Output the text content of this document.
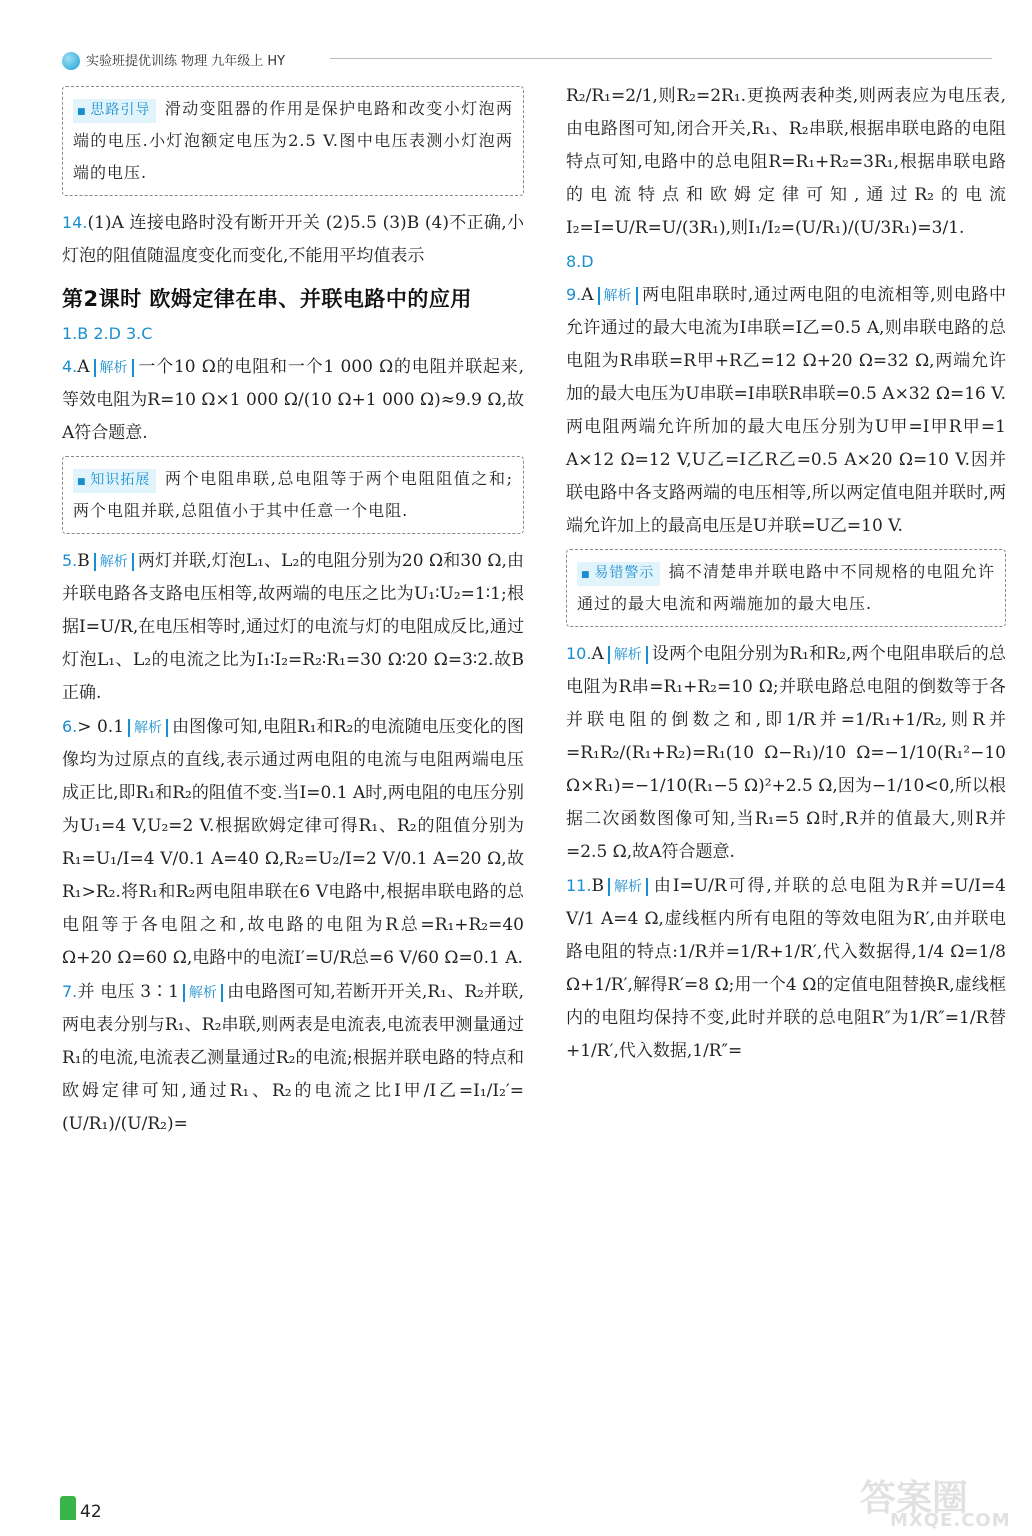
实验班提优训练 物理 九年级上 HY

■ 思路引导 滑动变阻器的作用是保护电路和改变小灯泡两端的电压.小灯泡额定电压为2.5 V.图中电压表测小灯泡两端的电压.

14.(1)A 连接电路时没有断开开关 (2)5.5 (3)B (4)不正确,小灯泡的阻值随温度变化而变化,不能用平均值表示

第2课时 欧姆定律在串、并联电路中的应用

1.B 2.D 3.C

4.A 解析 一个10 Ω的电阻和一个1 000 Ω的电阻并联起来,等效电阻为R=10 Ω×1 000 Ω/(10 Ω+1 000 Ω)≈9.9 Ω,故A符合题意.

■ 知识拓展 两个电阻串联,总电阻等于两个电阻阻值之和;两个电阻并联,总阻值小于其中任意一个电阻.

5.B 解析 两灯并联,灯泡L₁、L₂的电阻分别为20 Ω和30 Ω,由并联电路各支路电压相等,故两端的电压之比为U₁∶U₂=1∶1;根据I=U/R,在电压相等时,通过灯的电流与灯的电阻成反比,通过灯泡L₁、L₂的电流之比为I₁∶I₂=R₂∶R₁=30 Ω∶20 Ω=3∶2.故B正确.

6.> 0.1 解析 由图像可知,电阻R₁和R₂的电流随电压变化的图像均为过原点的直线,表示通过两电阻的电流与电阻两端电压成正比,即R₁和R₂的阻值不变.当I=0.1 A时,两电阻的电压分别为U₁=4 V,U₂=2 V.根据欧姆定律可得R₁、R₂的阻值分别为R₁=U₁/I=4 V/0.1 A=40 Ω,R₂=U₂/I=2 V/0.1 A=20 Ω,故R₁>R₂.将R₁和R₂两电阻串联在6 V电路中,根据串联电路的总电阻等于各电阻之和,故电路的电阻为R总=R₁+R₂=40 Ω+20 Ω=60 Ω,电路中的电流I′=U/R总=6 V/60 Ω=0.1 A.

7.并 电压 3∶1 解析 由电路图可知,若断开开关,R₁、R₂并联,两电表分别与R₁、R₂串联,则两表是电流表,电流表甲测量通过R₁的电流,电流表乙测量通过R₂的电流;根据并联电路的特点和欧姆定律可知,通过R₁、R₂的电流之比I甲/I乙=I₁/I₂′=(U/R₁)/(U/R₂)=

R₂/R₁=2/1,则R₂=2R₁.更换两表种类,则两表应为电压表,由电路图可知,闭合开关,R₁、R₂串联,根据串联电路的电阻特点可知,电路中的总电阻R=R₁+R₂=3R₁,根据串联电路的电流特点和欧姆定律可知,通过R₂的电流I₂=I=U/R=U/(3R₁),则I₁/I₂=(U/R₁)/(U/3R₁)=3/1.

8.D

9.A 解析 两电阻串联时,通过两电阻的电流相等,则电路中允许通过的最大电流为I串联=I乙=0.5 A,则串联电路的总电阻为R串联=R甲+R乙=12 Ω+20 Ω=32 Ω,两端允许加的最大电压为U串联=I串联R串联=0.5 A×32 Ω=16 V.两电阻两端允许所加的最大电压分别为U甲=I甲R甲=1 A×12 Ω=12 V,U乙=I乙R乙=0.5 A×20 Ω=10 V.因并联电路中各支路两端的电压相等,所以两定值电阻并联时,两端允许加上的最高电压是U并联=U乙=10 V.

■ 易错警示 搞不清楚串并联电路中不同规格的电阻允许通过的最大电流和两端施加的最大电压.

10.A 解析 设两个电阻分别为R₁和R₂,两个电阻串联后的总电阻为R串=R₁+R₂=10 Ω;并联电路总电阻的倒数等于各并联电阻的倒数之和,即1/R并=1/R₁+1/R₂,则R并=R₁R₂/(R₁+R₂)=R₁(10 Ω−R₁)/10 Ω=−1/10(R₁²−10 Ω×R₁)=−1/10(R₁−5 Ω)²+2.5 Ω,因为−1/10<0,所以根据二次函数图像可知,当R₁=5 Ω时,R并的值最大,则R并=2.5 Ω,故A符合题意.

11.B 解析 由I=U/R可得,并联的总电阻为R并=U/I=4 V/1 A=4 Ω,虚线框内所有电阻的等效电阻为R′,由并联电路电阻的特点:1/R并=1/R+1/R′,代入数据得,1/4 Ω=1/8 Ω+1/R′,解得R′=8 Ω;用一个4 Ω的定值电阻替换R,虚线框内的电阻均保持不变,此时并联的总电阻R″为1/R″=1/R替+1/R′,代入数据,1/R″=

42	答案圈
MXQE.COM
